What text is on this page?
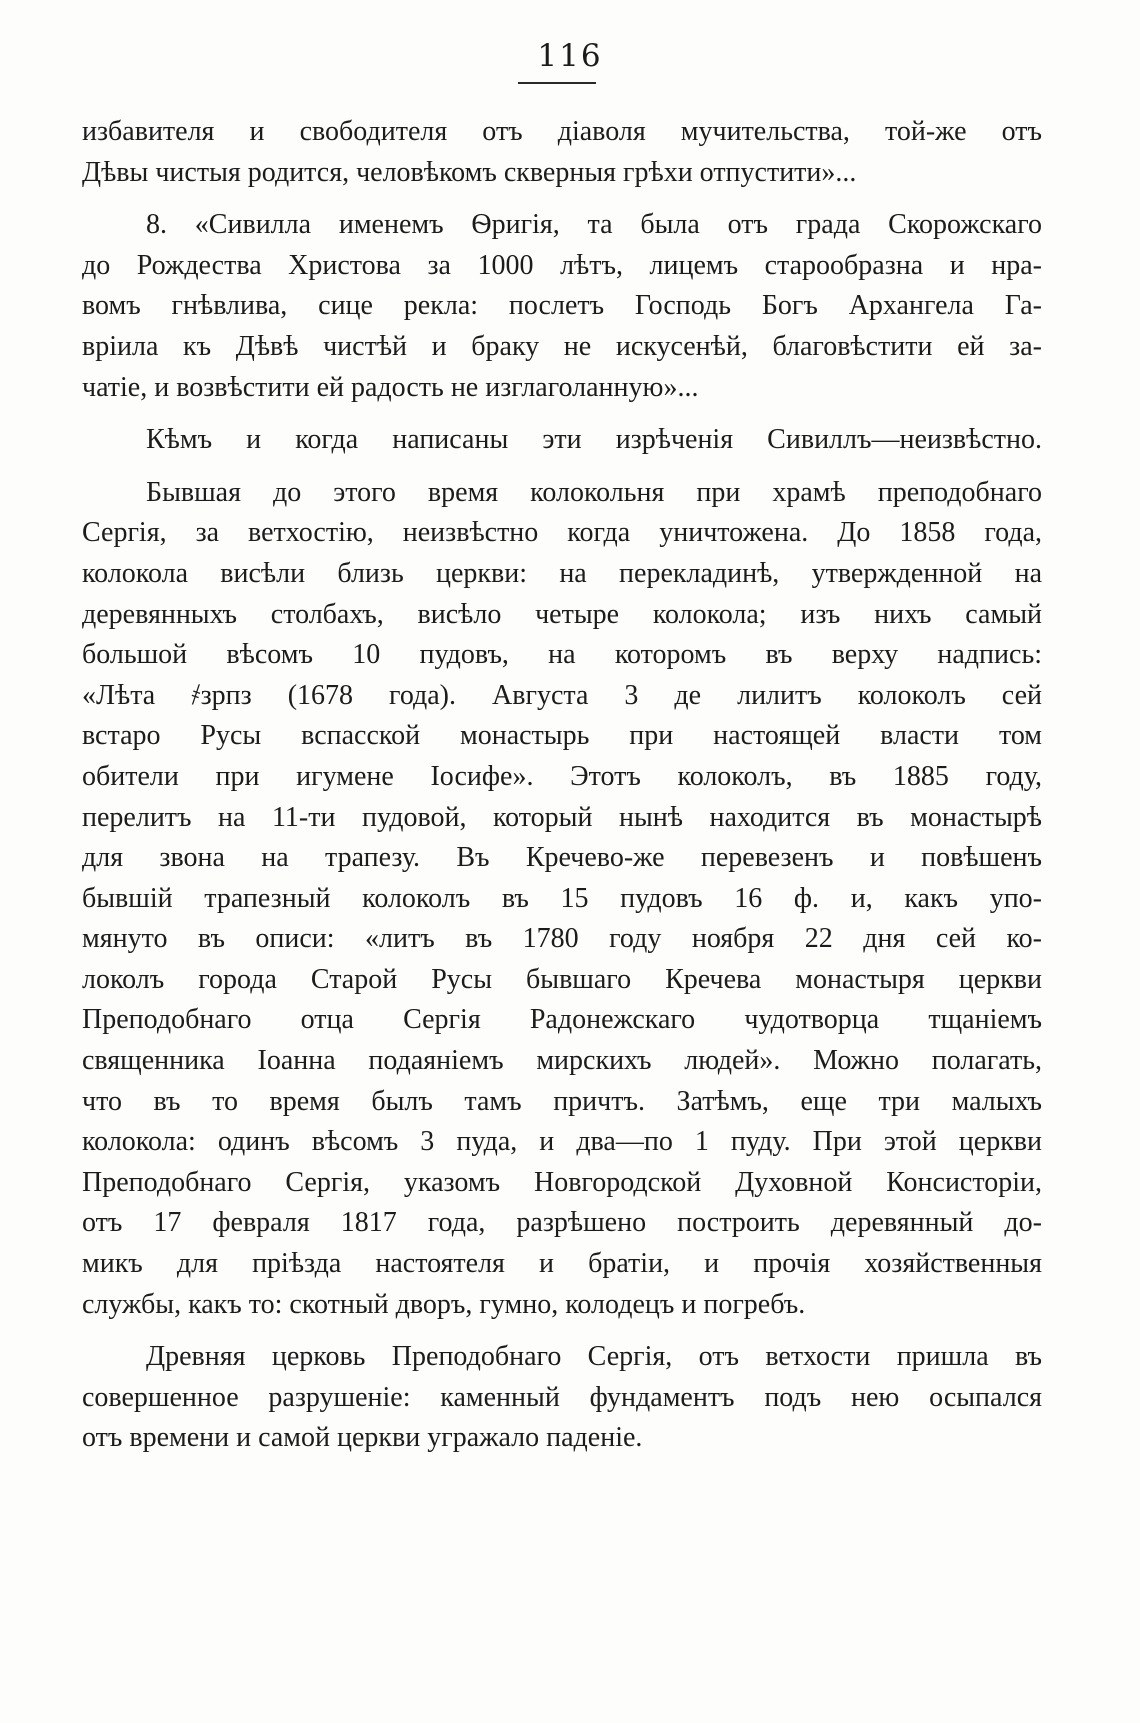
116
избавителя и свободителя отъ діаволя мучительства, той-же отъ
Дѣвы чистыя родится, человѣкомъ скверныя грѣхи отпустити»...
8. «Сивилла именемъ Ѳригія, та была отъ града Скорожскаго
до Рождества Христова за 1000 лѣтъ, лицемъ старообразна и нра-
вомъ гнѣвлива, сице рекла: послетъ Господь Богъ Архангела Га-
вріила къ Дѣвѣ чистѣй и браку не искусенѣй, благовѣстити ей за-
чатіе, и возвѣстити ей радость не изглаголанную»...
Кѣмъ и когда написаны эти изрѣченія Сивиллъ—неизвѣстно.
Бывшая до этого время колокольня при храмѣ преподобнаго
Сергія, за ветхостію, неизвѣстно когда уничтожена. До 1858 года,
колокола висѣли близь церкви: на перекладинѣ, утвержденной на
деревянныхъ столбахъ, висѣло четыре колокола; изъ нихъ самый
большой вѣсомъ 10 пудовъ, на которомъ въ верху надпись:
«Лѣта ҂зрпз (1678 года). Августа 3 де лилитъ колоколъ сей
встаро Русы вспасской монастырь при настоящей власти том
обители при игумене Іосифе». Этотъ колоколъ, въ 1885 году,
перелитъ на 11-ти пудовой, который нынѣ находится въ монастырѣ
для звона на трапезу. Въ Кречево-же перевезенъ и повѣшенъ
бывшій трапезный колоколъ въ 15 пудовъ 16 ф. и, какъ упо-
мянуто въ описи: «литъ въ 1780 году ноября 22 дня сей ко-
локолъ города Старой Русы бывшаго Кречева монастыря церкви
Преподобнаго отца Сергія Радонежскаго чудотворца тщаніемъ
священника Іоанна подаяніемъ мирскихъ людей». Можно полагать,
что въ то время былъ тамъ причтъ. Затѣмъ, еще три малыхъ
колокола: одинъ вѣсомъ 3 пуда, и два—по 1 пуду. При этой церкви
Преподобнаго Сергія, указомъ Новгородской Духовной Консисторіи,
отъ 17 февраля 1817 года, разрѣшено построить деревянный до-
микъ для пріѣзда настоятеля и братіи, и прочія хозяйственныя
службы, какъ то: скотный дворъ, гумно, колодецъ и погребъ.
Древняя церковь Преподобнаго Сергія, отъ ветхости пришла въ
совершенное разрушеніе: каменный фундаментъ подъ нею осыпался
отъ времени и самой церкви угражало паденіе.
